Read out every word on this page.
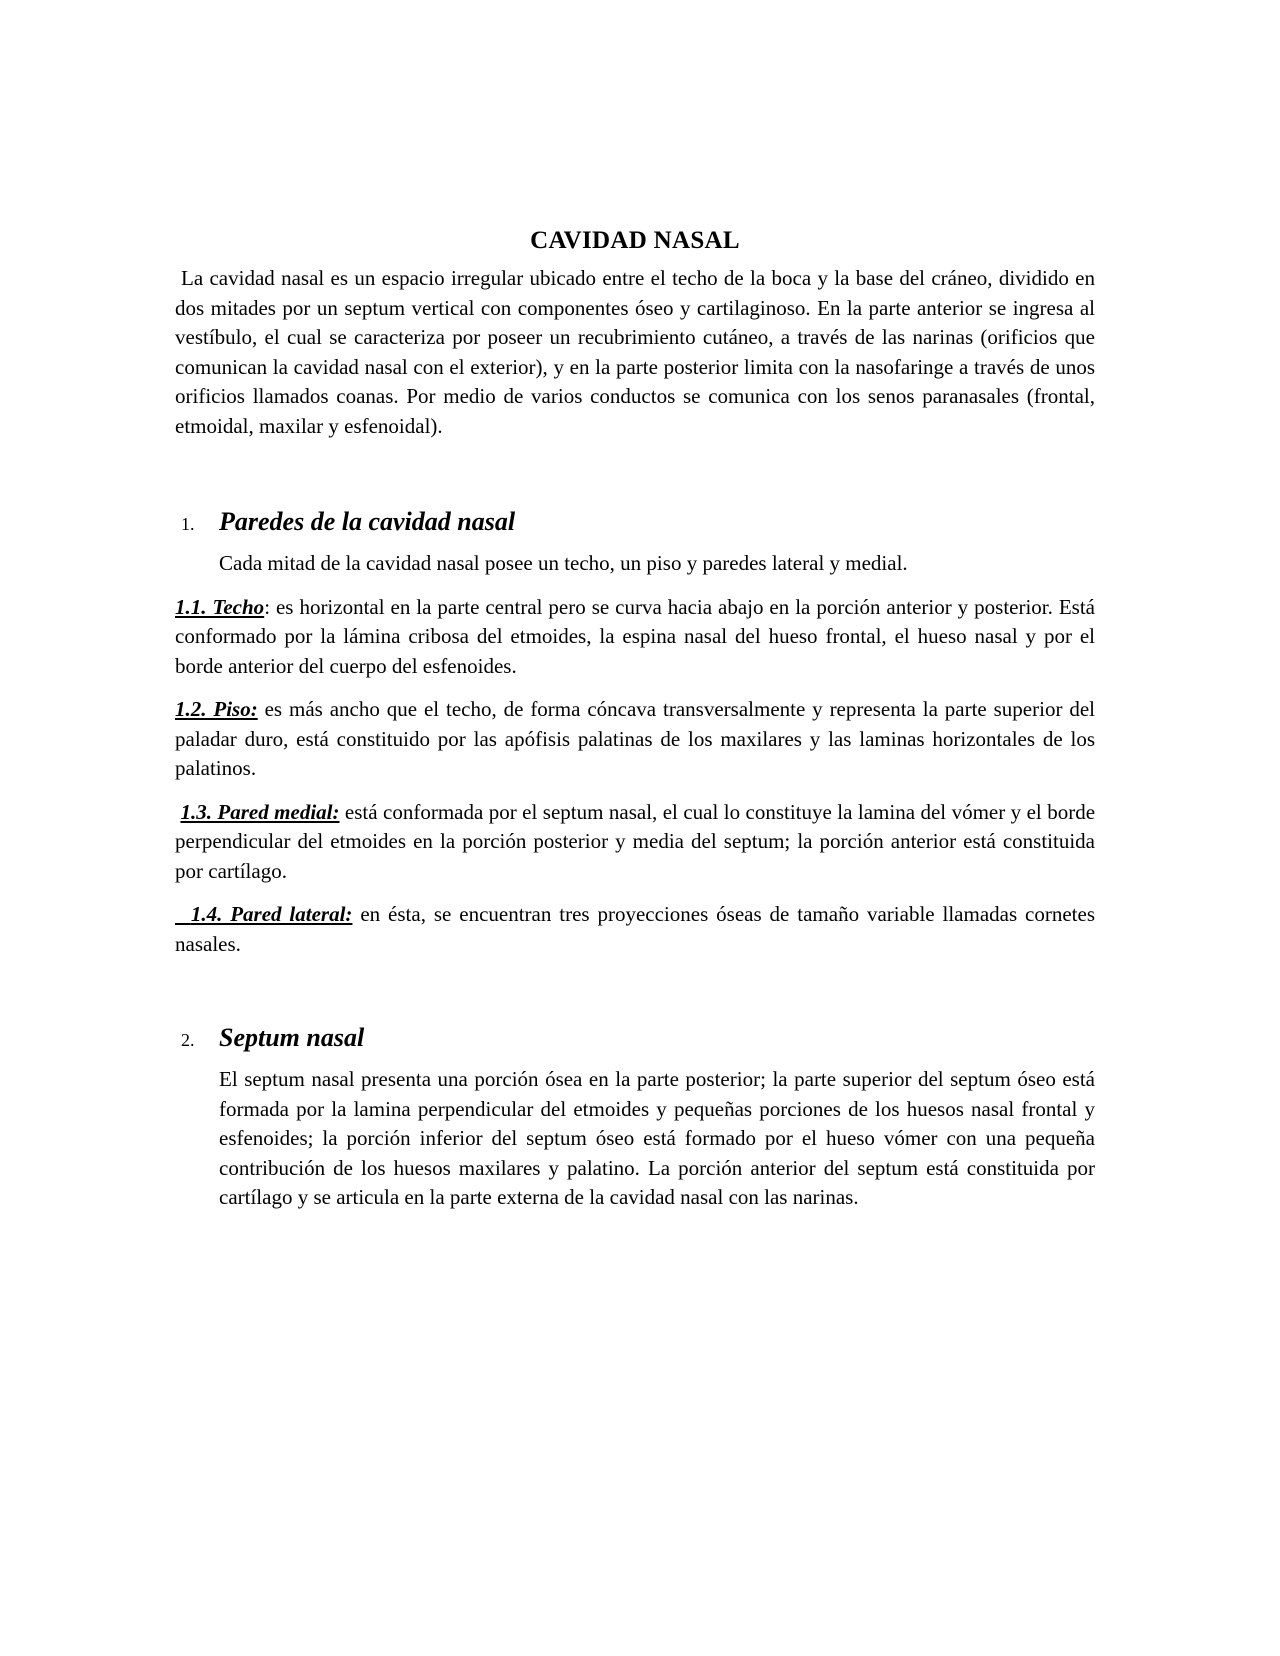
CAVIDAD NASAL

La cavidad nasal es un espacio irregular ubicado entre el techo de la boca y la base del cráneo, dividido en dos mitades por un septum vertical con componentes óseo y cartilaginoso. En la parte anterior se ingresa al vestíbulo, el cual se caracteriza por poseer un recubrimiento cutáneo, a través de las narinas (orificios que comunican la cavidad nasal con el exterior), y en la parte posterior limita con la nasofaringe a través de unos orificios llamados coanas. Por medio de varios conductos se comunica con los senos paranasales (frontal, etmoidal, maxilar y esfenoidal).

1. Paredes de la cavidad nasal

Cada mitad de la cavidad nasal posee un techo, un piso y paredes lateral y medial.

1.1. Techo: es horizontal en la parte central pero se curva hacia abajo en la porción anterior y posterior. Está conformado por la lámina cribosa del etmoides, la espina nasal del hueso frontal, el hueso nasal y por el borde anterior del cuerpo del esfenoides.

1.2. Piso: es más ancho que el techo, de forma cóncava transversalmente y representa la parte superior del paladar duro, está constituido por las apófisis palatinas de los maxilares y las laminas horizontales de los palatinos.

1.3. Pared medial: está conformada por el septum nasal, el cual lo constituye la lamina del vómer y el borde perpendicular del etmoides en la porción posterior y media del septum; la porción anterior está constituida por cartílago.

1.4. Pared lateral: en ésta, se encuentran tres proyecciones óseas de tamaño variable llamadas cornetes nasales.

2. Septum nasal

El septum nasal presenta una porción ósea en la parte posterior; la parte superior del septum óseo está formada por la lamina perpendicular del etmoides y pequeñas porciones de los huesos nasal frontal y esfenoides; la porción inferior del septum óseo está formado por el hueso vómer con una pequeña contribución de los huesos maxilares y palatino. La porción anterior del septum está constituida por cartílago y se articula en la parte externa de la cavidad nasal con las narinas.
